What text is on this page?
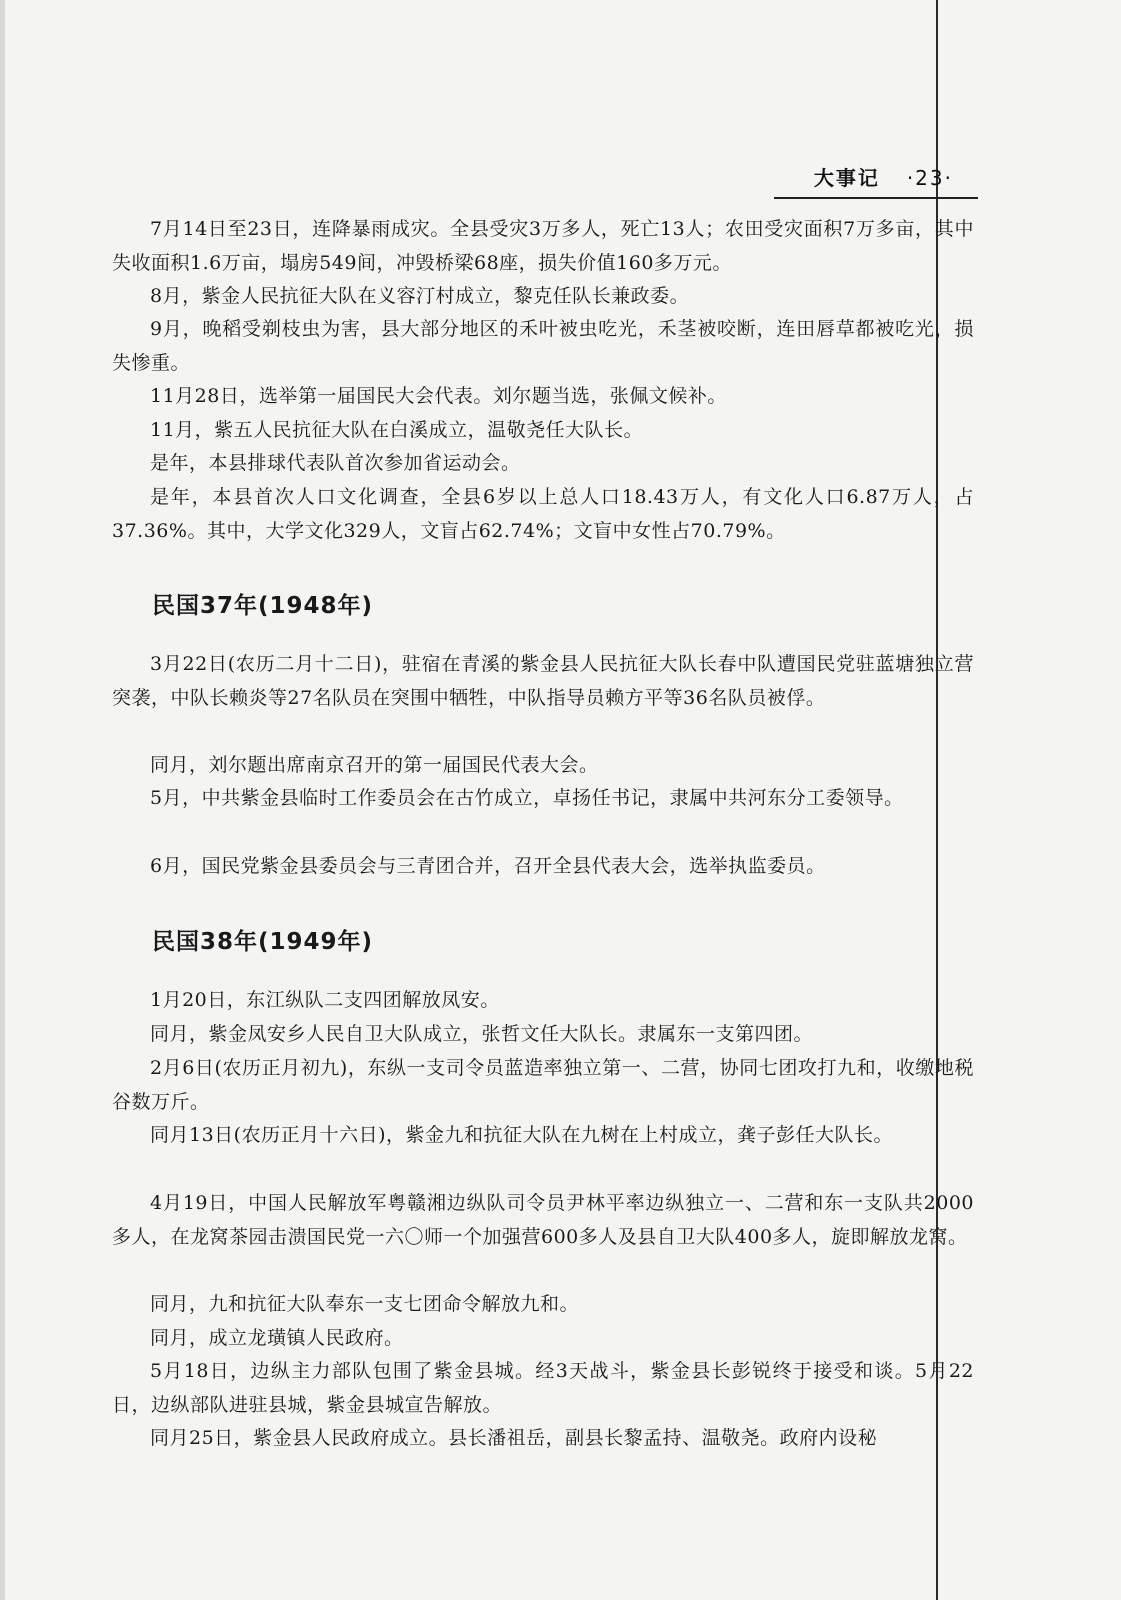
大事记 ·23·

7月14日至23日，连降暴雨成灾。全县受灾3万多人，死亡13人；农田受灾面积7万多亩，其中失收面积1.6万亩，塌房549间，冲毁桥梁68座，损失价值160多万元。

8月，紫金人民抗征大队在义容汀村成立，黎克任队长兼政委。

9月，晚稻受剃枝虫为害，县大部分地区的禾叶被虫吃光，禾茎被咬断，连田唇草都被吃光，损失惨重。

11月28日，选举第一届国民大会代表。刘尔题当选，张佩文候补。

11月，紫五人民抗征大队在白溪成立，温敬尧任大队长。

是年，本县排球代表队首次参加省运动会。

是年，本县首次人口文化调查，全县6岁以上总人口18.43万人，有文化人口6.87万人，占37.36%。其中，大学文化329人，文盲占62.74%；文盲中女性占70.79%。

民国37年(1948年)

3月22日(农历二月十二日)，驻宿在青溪的紫金县人民抗征大队长春中队遭国民党驻蓝塘独立营突袭，中队长赖炎等27名队员在突围中牺牲，中队指导员赖方平等36名队员被俘。

同月，刘尔题出席南京召开的第一届国民代表大会。

5月，中共紫金县临时工作委员会在古竹成立，卓扬任书记，隶属中共河东分工委领导。

6月，国民党紫金县委员会与三青团合并，召开全县代表大会，选举执监委员。

民国38年(1949年)

1月20日，东江纵队二支四团解放凤安。

同月，紫金凤安乡人民自卫大队成立，张哲文任大队长。隶属东一支第四团。

2月6日(农历正月初九)，东纵一支司令员蓝造率独立第一、二营，协同七团攻打九和，收缴地税谷数万斤。

同月13日(农历正月十六日)，紫金九和抗征大队在九树在上村成立，龚子彭任大队长。

4月19日，中国人民解放军粤赣湘边纵队司令员尹林平率边纵独立一、二营和东一支队共2000多人，在龙窝茶园击溃国民党一六〇师一个加强营600多人及县自卫大队400多人，旋即解放龙窝。

同月，九和抗征大队奉东一支七团命令解放九和。

同月，成立龙璜镇人民政府。

5月18日，边纵主力部队包围了紫金县城。经3天战斗，紫金县长彭锐终于接受和谈。5月22日，边纵部队进驻县城，紫金县城宣告解放。

同月25日，紫金县人民政府成立。县长潘祖岳，副县长黎孟持、温敬尧。政府内设秘
